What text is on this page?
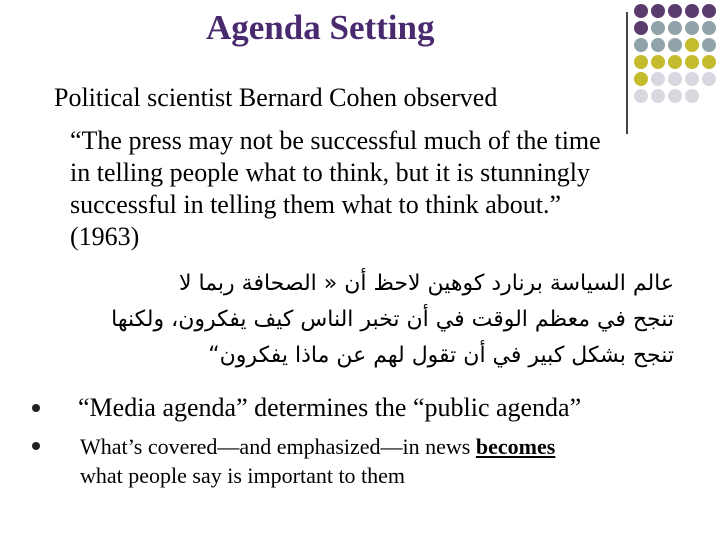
Agenda Setting
Political scientist Bernard Cohen observed
“The press may not be successful much of the time
in telling people what to think, but it is stunningly
successful in telling them what to think about.”
(1963)
عالم السياسة برنارد كوهين لاحظ أن « الصحافة ربما لا
تنجح في معظم الوقت في أن تخبر الناس كيف يفكرون، ولكنها
تنجح بشكل كبير في أن تقول لهم عن ماذا يفكرون“
“Media agenda” determines the “public agenda”
What’s covered—and emphasized—in news becomes
what people say is important to them
